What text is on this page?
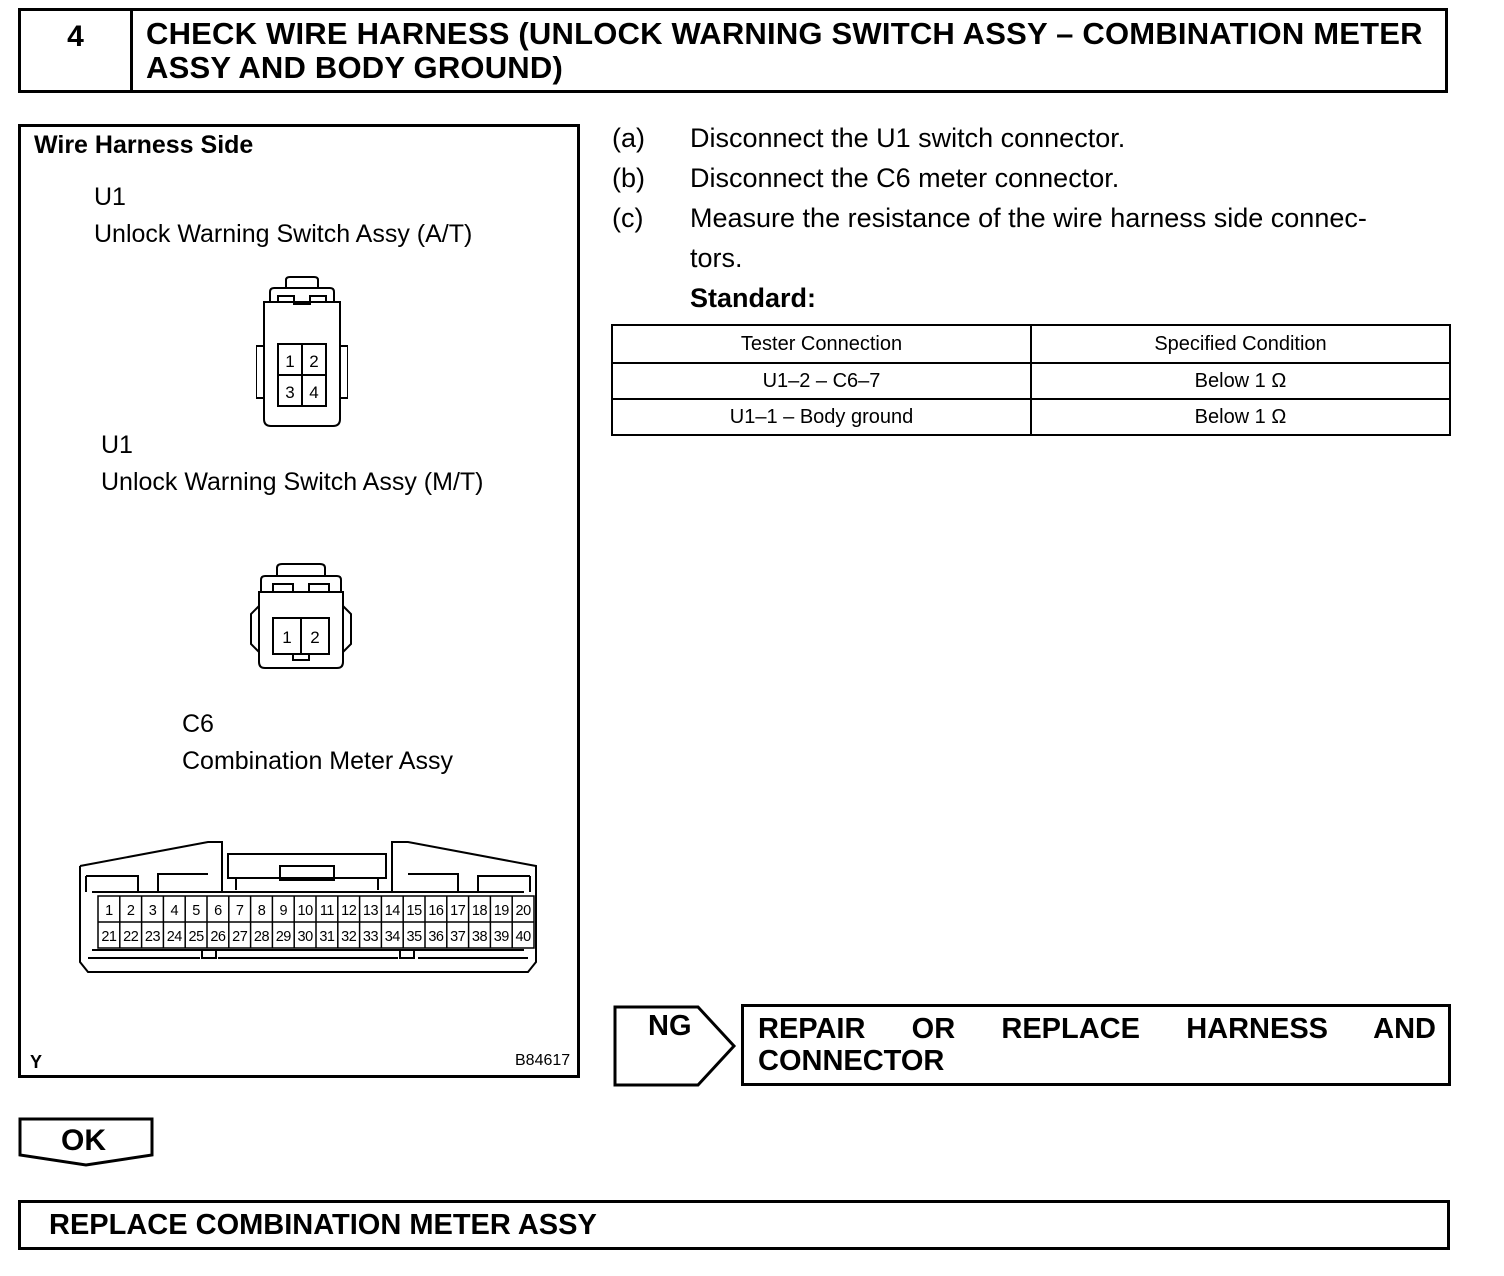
4	CHECK WIRE HARNESS (UNLOCK WARNING SWITCH ASSY – COMBINATION METER ASSY AND BODY GROUND)
Wire Harness Side
U1
Unlock Warning Switch Assy (A/T)
U1
Unlock Warning Switch Assy (M/T)
C6
Combination Meter Assy
Y	B84617
1 2
3 4
1 2
1 2 3 4 5 6 7 8 9 10 11 12 13 14 15 16 17 18 19 20
21 22 23 24 25 26 27 28 29 30 31 32 33 34 35 36 37 38 39 40
(a) Disconnect the U1 switch connector.
(b) Disconnect the C6 meter connector.
(c) Measure the resistance of the wire harness side connec-
tors.
Standard:
Tester Connection	Specified Condition
U1–2 – C6–7	Below 1 Ω
U1–1 – Body ground	Below 1 Ω
NG REPAIR OR REPLACE HARNESS AND
CONNECTOR
OK
REPLACE COMBINATION METER ASSY
